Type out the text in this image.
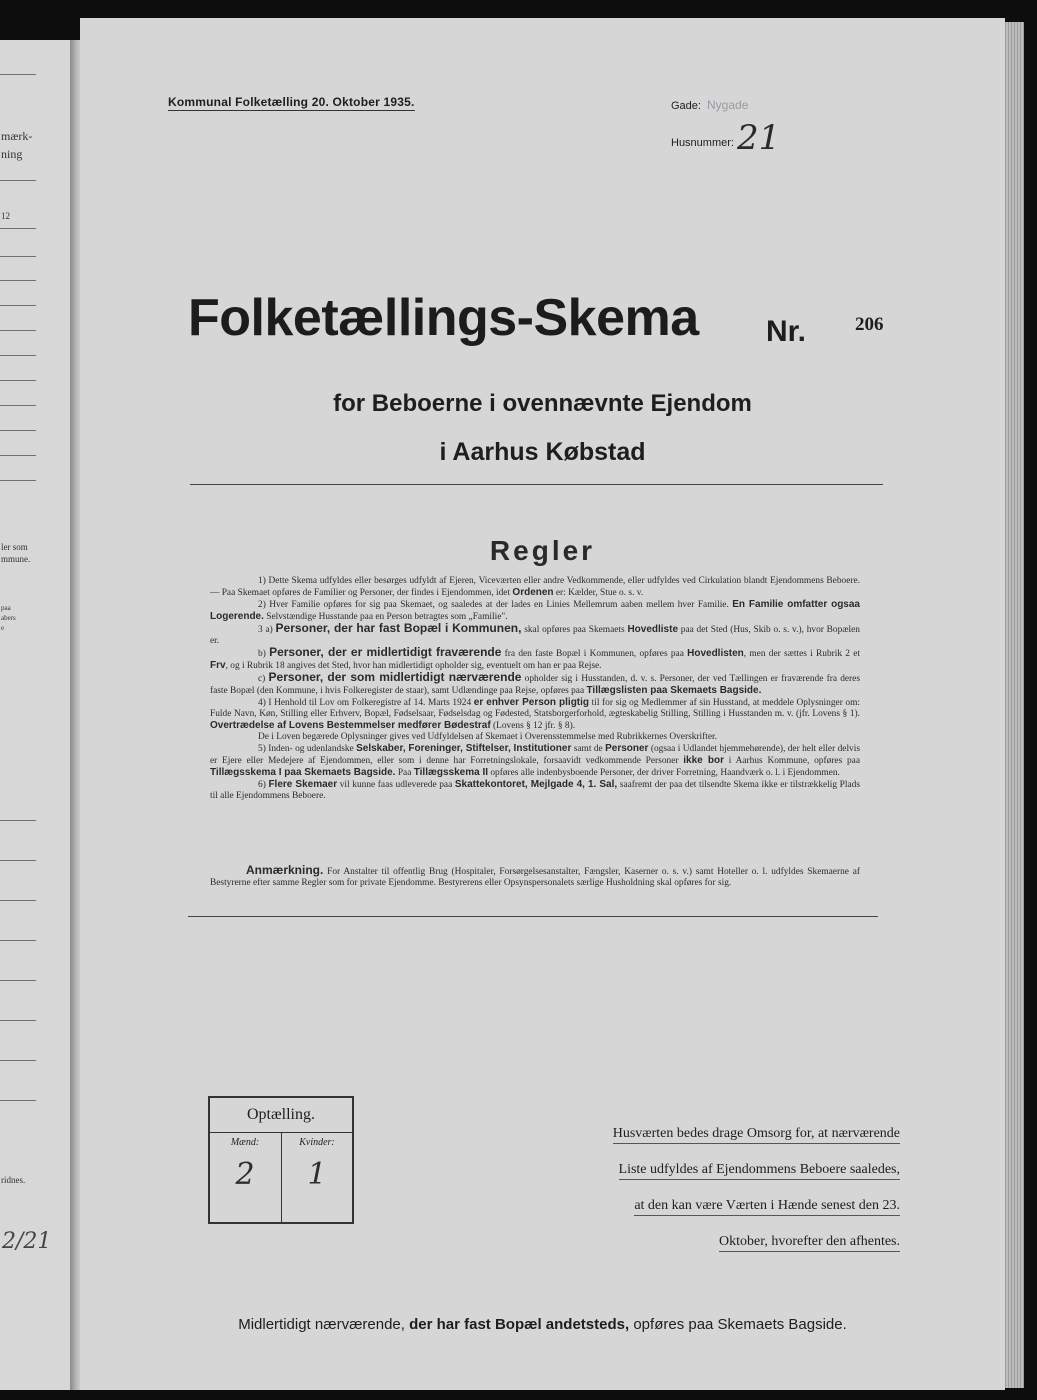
mærk-
ning
12
ler som
mmune.
paa
abers
e
ridnes.
2/21
Kommunal Folketælling 20. Oktober 1935.	Gade: Nygade
Husnummer: 21
Folketællings-Skema Nr.	206
for Beboerne i ovennævnte Ejendom
i Aarhus Købstad
Regler

1) Dette Skema udfyldes eller besørges udfyldt af Ejeren, Viceværten eller andre Vedkommende, eller udfyldes ved Cirkulation blandt Ejendommens Beboere. — Paa Skemaet opføres de Familier og Personer, der findes i Ejendommen, idet Ordenen er: Kælder, Stue o. s. v.

2) Hver Familie opføres for sig paa Skemaet, og saaledes at der lades en Linies Mellemrum aaben mellem hver Familie. En Familie omfatter ogsaa Logerende. Selvstændige Husstande paa en Person betragtes som „Familie".

3 a) Personer, der har fast Bopæl i Kommunen, skal opføres paa Skemaets Hovedliste paa det Sted (Hus, Skib o. s. v.), hvor Bopælen er.

b) Personer, der er midlertidigt fraværende fra den faste Bopæl i Kommunen, opføres paa Hovedlisten, men der sættes i Rubrik 2 et Frv, og i Rubrik 18 angives det Sted, hvor han midlertidigt opholder sig, eventuelt om han er paa Rejse.

c) Personer, der som midlertidigt nærværende opholder sig i Husstanden, d. v. s. Personer, der ved Tællingen er fraværende fra deres faste Bopæl (den Kommune, i hvis Folkeregister de staar), samt Udlændinge paa Rejse, opføres paa Tillægslisten paa Skemaets Bagside.

4) I Henhold til Lov om Folkeregistre af 14. Marts 1924 er enhver Person pligtig til for sig og Medlemmer af sin Husstand, at meddele Oplysninger om: Fulde Navn, Køn, Stilling eller Erhverv, Bopæl, Fødselsaar, Fødselsdag og Fødested, Statsborgerforhold, ægteskabelig Stilling, Stilling i Husstanden m. v. (jfr. Lovens § 1). Overtrædelse af Lovens Bestemmelser medfører Bødestraf (Lovens § 12 jfr. § 8).

De i Loven begærede Oplysninger gives ved Udfyldelsen af Skemaet i Overensstemmelse med Rubrikkernes Overskrifter.

5) Inden- og udenlandske Selskaber, Foreninger, Stiftelser, Institutioner samt de Personer (ogsaa i Udlandet hjemmehørende), der helt eller delvis er Ejere eller Medejere af Ejendommen, eller som i denne har Forretningslokale, forsaavidt vedkommende Personer ikke bor i Aarhus Kommune, opføres paa Tillægsskema I paa Skemaets Bagside. Paa Tillægsskema II opføres alle indenbysboende Personer, der driver Forretning, Haandværk o. l. i Ejendommen.

6) Flere Skemaer vil kunne faas udleverede paa Skattekontoret, Mejlgade 4, 1. Sal, saafremt der paa det tilsendte Skema ikke er tilstrækkelig Plads til alle Ejendommens Beboere.

Anmærkning. For Anstalter til offentlig Brug (Hospitaler, Forsørgelsesanstalter, Fængsler, Kaserner o. s. v.) samt Hoteller o. l. udfyldes Skemaerne af Bestyrerne efter samme Regler som for private Ejendomme. Bestyrerens eller Opsynspersonalets særlige Husholdning skal opføres for sig.
Optælling.
Mænd:
2
Kvinder:
1
Husværten bedes drage Omsorg for, at nærværende
Liste udfyldes af Ejendommens Beboere saaledes,
at den kan være Værten i Hænde senest den 23.
Oktober, hvorefter den afhentes.
Midlertidigt nærværende, der har fast Bopæl andetsteds, opføres paa Skemaets Bagside.
